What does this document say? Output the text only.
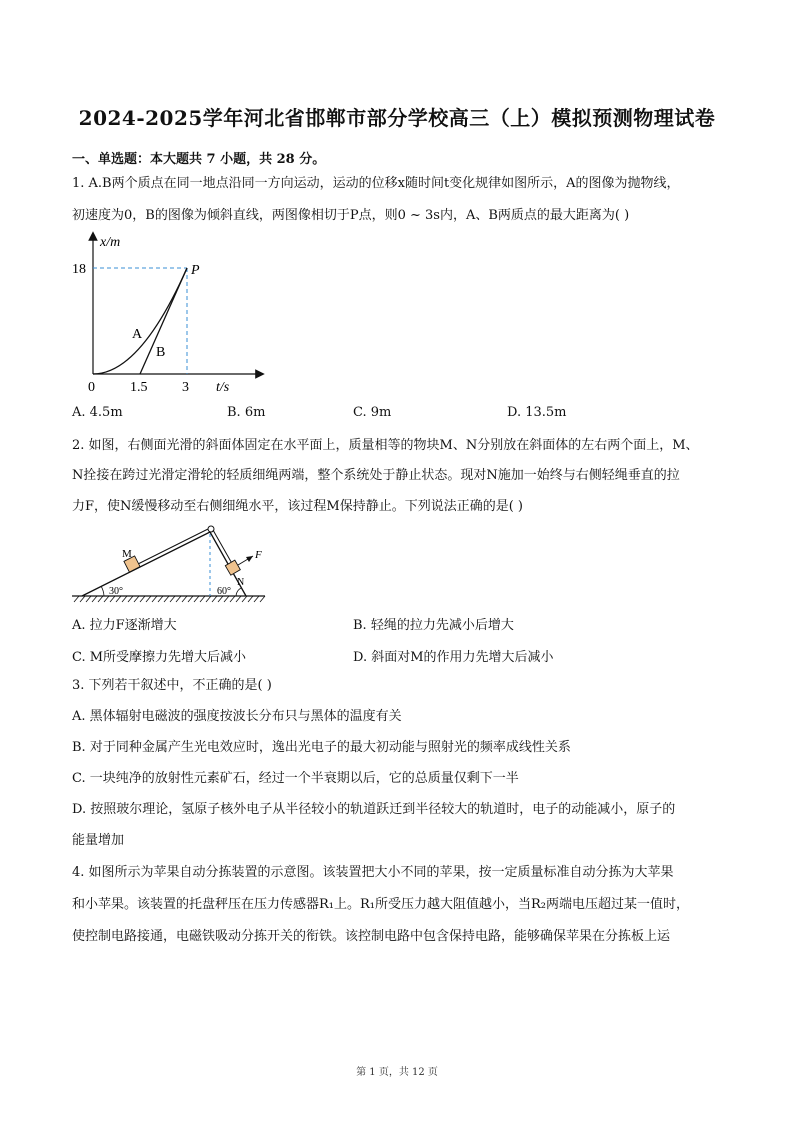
2024-2025学年河北省邯郸市部分学校高三（上）模拟预测物理试卷
一、单选题：本大题共 7 小题，共 28 分。
1. A.B两个质点在同一地点沿同一方向运动，运动的位移x随时间t变化规律如图所示，A的图像为抛物线，
初速度为0，B的图像为倾斜直线，两图像相切于P点，则0 ~ 3s内，A、B两质点的最大距离为( )
x/m
18	P
A
B
0	1.5 3 t/s
A. 4.5m	B. 6m	C. 9m	D. 13.5m
2. 如图，右侧面光滑的斜面体固定在水平面上，质量相等的物块M、N分别放在斜面体的左右两个面上，M、
N拴接在跨过光滑定滑轮的轻质细绳两端，整个系统处于静止状态。现对N施加一始终与右侧轻绳垂直的拉
力F，使N缓慢移动至右侧细绳水平，该过程M保持静止。下列说法正确的是( )
M
N
F
30°	60°
A. 拉力F逐渐增大	B. 轻绳的拉力先减小后增大
C. M所受摩擦力先增大后减小	D. 斜面对M的作用力先增大后减小
3. 下列若干叙述中，不正确的是( )
A. 黑体辐射电磁波的强度按波长分布只与黑体的温度有关
B. 对于同种金属产生光电效应时，逸出光电子的最大初动能与照射光的频率成线性关系
C. 一块纯净的放射性元素矿石，经过一个半衰期以后，它的总质量仅剩下一半
D. 按照玻尔理论，氢原子核外电子从半径较小的轨道跃迁到半径较大的轨道时，电子的动能减小，原子的
能量增加
4. 如图所示为苹果自动分拣装置的示意图。该装置把大小不同的苹果，按一定质量标准自动分拣为大苹果
和小苹果。该装置的托盘秤压在压力传感器R₁上。R₁所受压力越大阻值越小，当R₂两端电压超过某一值时，
使控制电路接通，电磁铁吸动分拣开关的衔铁。该控制电路中包含保持电路，能够确保苹果在分拣板上运
第 1 页，共 12 页
